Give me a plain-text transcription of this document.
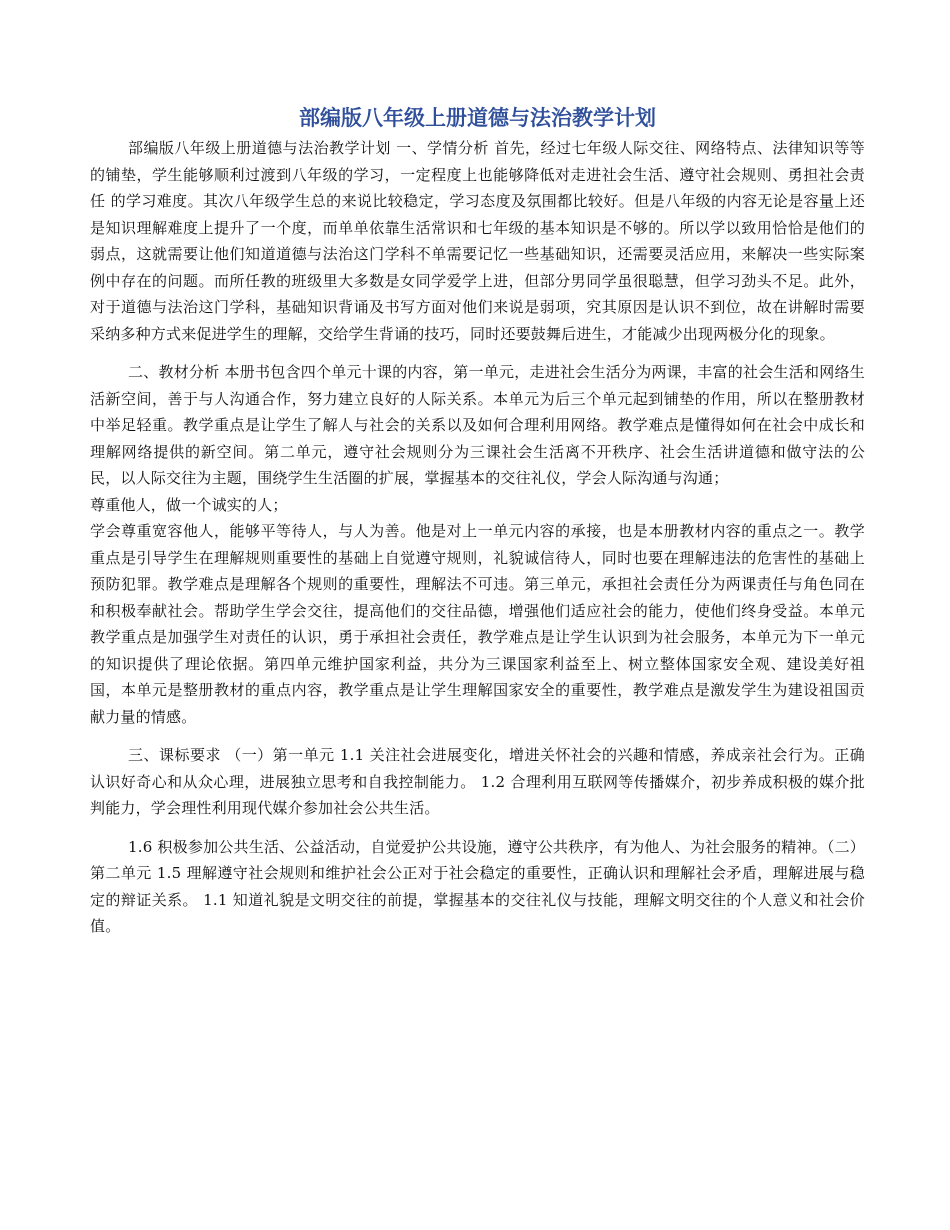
部编版八年级上册道德与法治教学计划

部编版八年级上册道德与法治教学计划 一、学情分析 首先，经过七年级人际交往、网络特点、法律知识等等的铺垫，学生能够顺利过渡到八年级的学习，一定程度上也能够降低对走进社会生活、遵守社会规则、勇担社会责任 的学习难度。其次八年级学生总的来说比较稳定，学习态度及氛围都比较好。但是八年级的内容无论是容量上还是知识理解难度上提升了一个度，而单单依靠生活常识和七年级的基本知识是不够的。所以学以致用恰恰是他们的弱点，这就需要让他们知道道德与法治这门学科不单需要记忆一些基础知识，还需要灵活应用，来解决一些实际案例中存在的问题。而所任教的班级里大多数是女同学爱学上进，但部分男同学虽很聪慧，但学习劲头不足。此外，对于道德与法治这门学科，基础知识背诵及书写方面对他们来说是弱项，究其原因是认识不到位，故在讲解时需要采纳多种方式来促进学生的理解，交给学生背诵的技巧，同时还要鼓舞后进生，才能减少出现两极分化的现象。

二、教材分析 本册书包含四个单元十课的内容，第一单元，走进社会生活分为两课，丰富的社会生活和网络生活新空间，善于与人沟通合作，努力建立良好的人际关系。本单元为后三个单元起到铺垫的作用，所以在整册教材中举足轻重。教学重点是让学生了解人与社会的关系以及如何合理利用网络。教学难点是懂得如何在社会中成长和理解网络提供的新空间。第二单元，遵守社会规则分为三课社会生活离不开秩序、社会生活讲道德和做守法的公民，以人际交往为主题，围绕学生生活圈的扩展，掌握基本的交往礼仪，学会人际沟通与沟通；

尊重他人，做一个诚实的人；

学会尊重宽容他人，能够平等待人，与人为善。他是对上一单元内容的承接，也是本册教材内容的重点之一。教学重点是引导学生在理解规则重要性的基础上自觉遵守规则，礼貌诚信待人，同时也要在理解违法的危害性的基础上预防犯罪。教学难点是理解各个规则的重要性，理解法不可违。第三单元，承担社会责任分为两课责任与角色同在和积极奉献社会。帮助学生学会交往，提高他们的交往品德，增强他们适应社会的能力，使他们终身受益。本单元教学重点是加强学生对责任的认识，勇于承担社会责任，教学难点是让学生认识到为社会服务，本单元为下一单元的知识提供了理论依据。第四单元维护国家利益，共分为三课国家利益至上、树立整体国家安全观、建设美好祖国，本单元是整册教材的重点内容，教学重点是让学生理解国家安全的重要性，教学难点是激发学生为建设祖国贡献力量的情感。

三、课标要求 （一）第一单元 1.1 关注社会进展变化，增进关怀社会的兴趣和情感，养成亲社会行为。正确认识好奇心和从众心理，进展独立思考和自我控制能力。 1.2 合理利用互联网等传播媒介，初步养成积极的媒介批判能力，学会理性利用现代媒介参加社会公共生活。

1.6 积极参加公共生活、公益活动，自觉爱护公共设施，遵守公共秩序，有为他人、为社会服务的精神。（二）第二单元 1.5 理解遵守社会规则和维护社会公正对于社会稳定的重要性，正确认识和理解社会矛盾，理解进展与稳定的辩证关系。 1.1 知道礼貌是文明交往的前提，掌握基本的交往礼仪与技能，理解文明交往的个人意义和社会价值。
